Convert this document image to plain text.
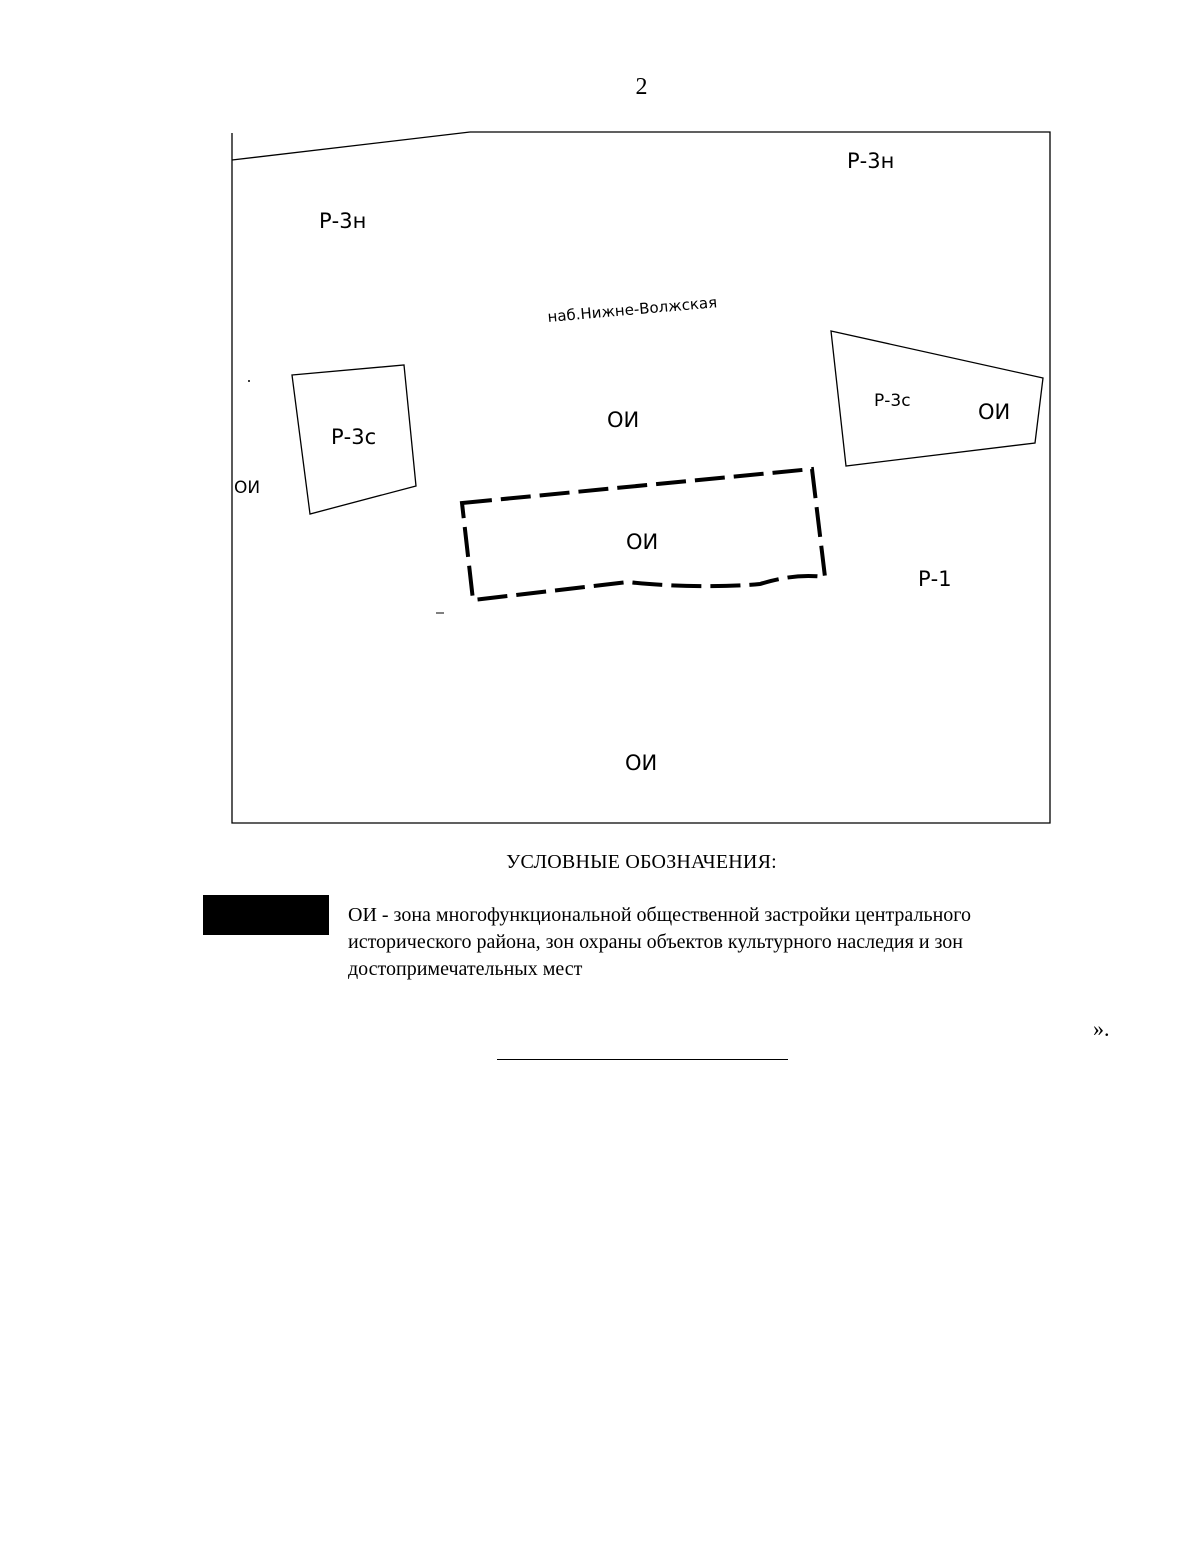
2
Р-3н
Р-3н
наб.Нижне-Волжская
Р-3с
ОИ
Р-3с	ОИ
ОИ
ОИ
Р-1
ОИ
УСЛОВНЫЕ ОБОЗНАЧЕНИЯ:
ОИ - зона многофункциональной общественной застройки центрального исторического района, зон охраны объектов культурного наследия и зон достопримечательных мест
».
